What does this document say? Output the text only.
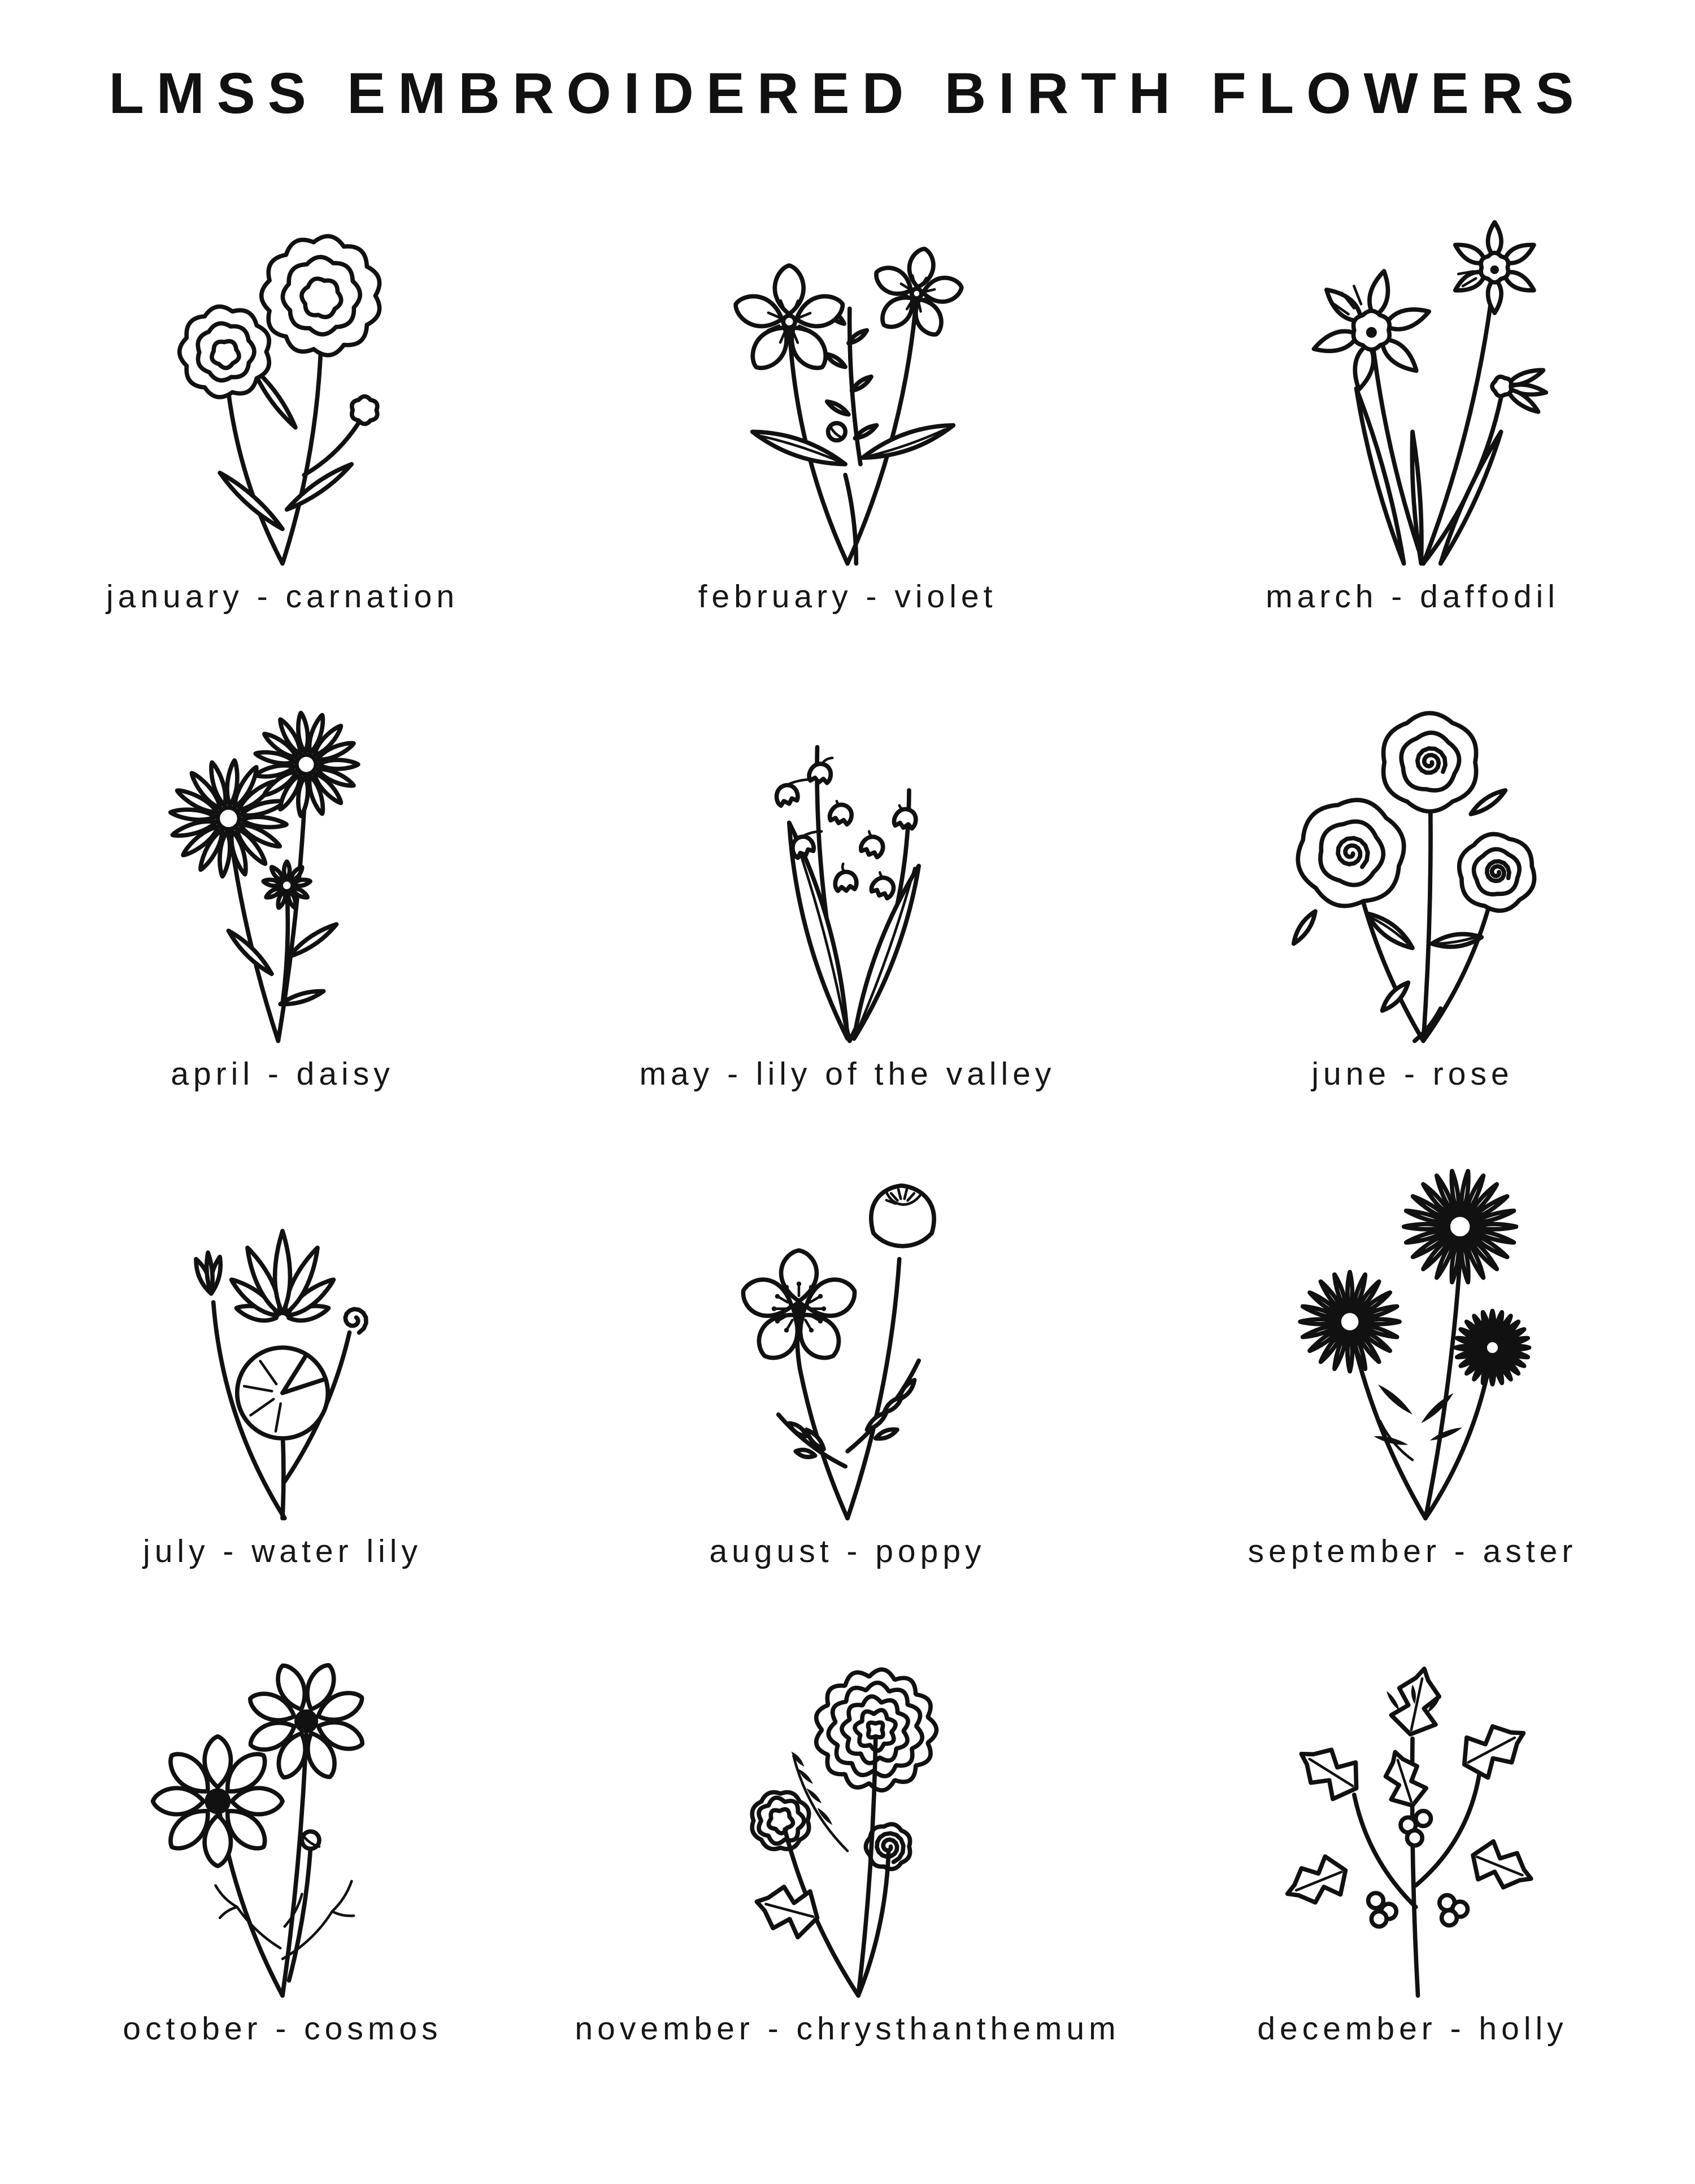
LMSS EMBROIDERED BIRTH FLOWERS
january - carnation	february - violet	march - daffodil
april - daisy	may - lily of the valley	june - rose
july - water lily	august - poppy	september - aster
october - cosmos	november - chrysthanthemum	december - holly
